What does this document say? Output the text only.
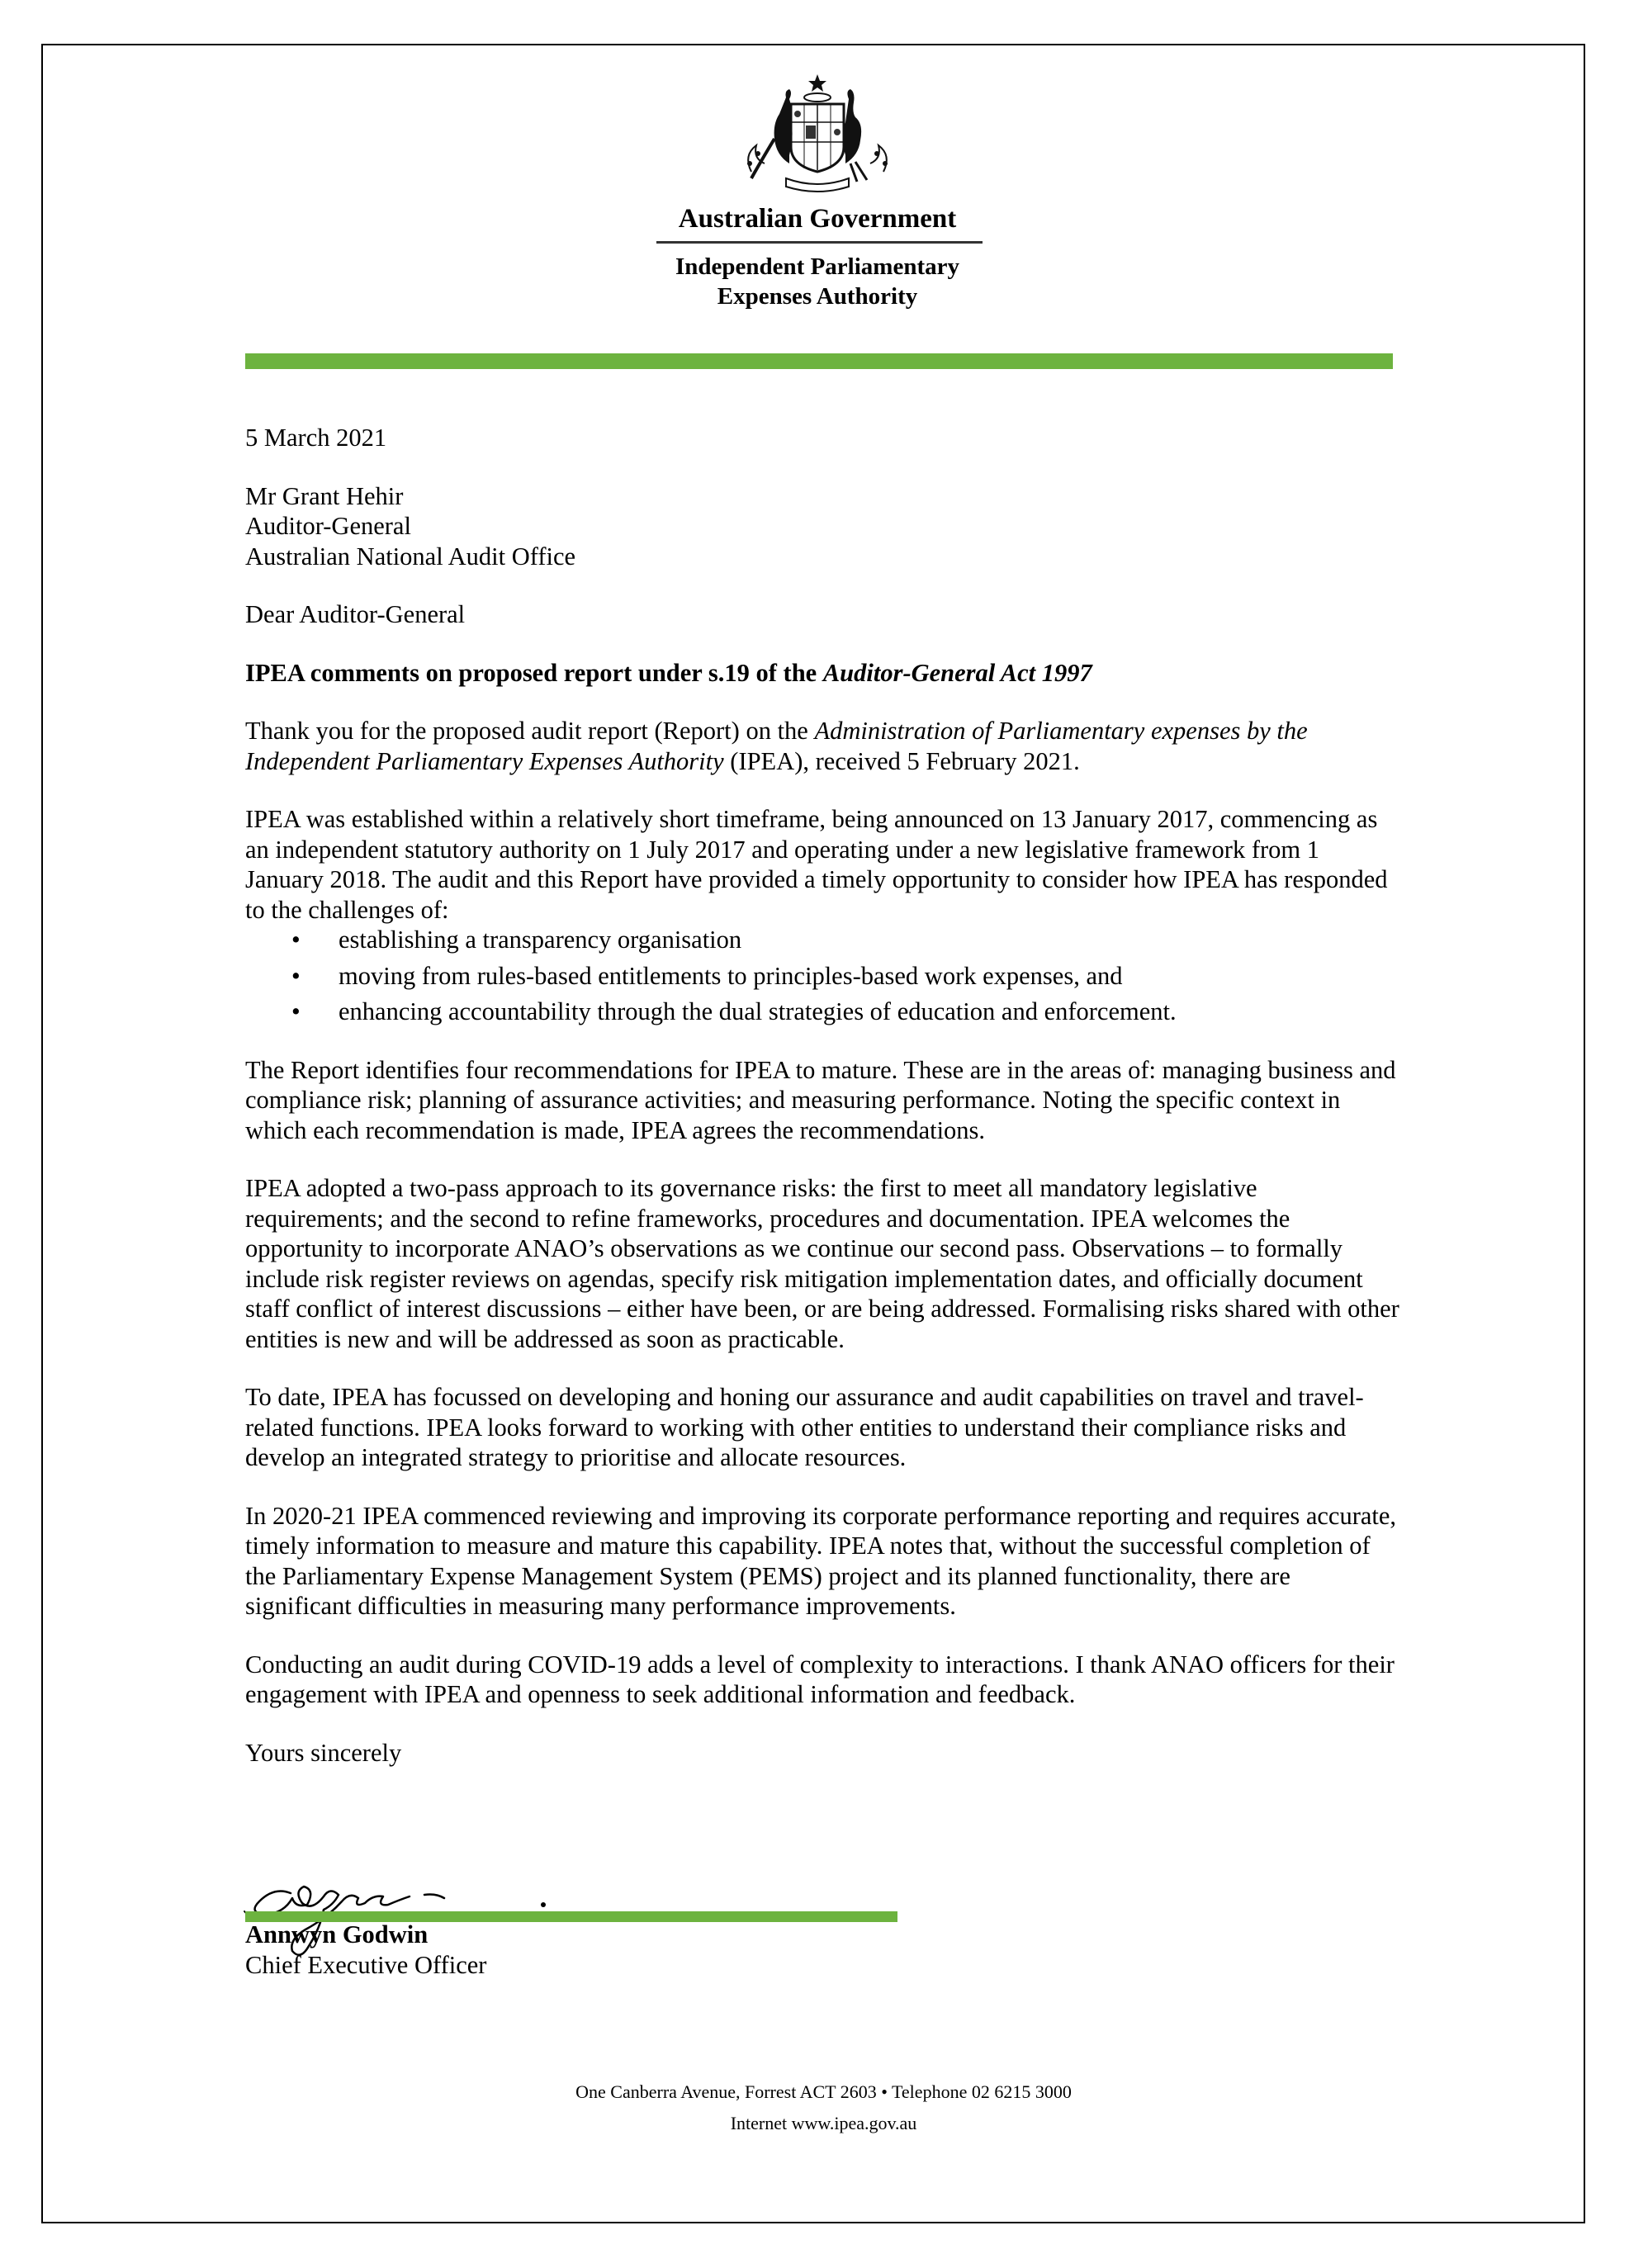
Australian Government
Independent Parliamentary
Expenses Authority

5 March 2021

Mr Grant Hehir
Auditor-General
Australian National Audit Office

Dear Auditor-General

IPEA comments on proposed report under s.19 of the Auditor-General Act 1997

Thank you for the proposed audit report (Report) on the Administration of Parliamentary expenses by the Independent Parliamentary Expenses Authority (IPEA), received 5 February 2021.

IPEA was established within a relatively short timeframe, being announced on 13 January 2017, commencing as an independent statutory authority on 1 July 2017 and operating under a new legislative framework from 1 January 2018. The audit and this Report have provided a timely opportunity to consider how IPEA has responded to the challenges of:

• establishing a transparency organisation
• moving from rules-based entitlements to principles-based work expenses, and
• enhancing accountability through the dual strategies of education and enforcement.

The Report identifies four recommendations for IPEA to mature. These are in the areas of: managing business and compliance risk; planning of assurance activities; and measuring performance. Noting the specific context in which each recommendation is made, IPEA agrees the recommendations.

IPEA adopted a two-pass approach to its governance risks: the first to meet all mandatory legislative requirements; and the second to refine frameworks, procedures and documentation. IPEA welcomes the opportunity to incorporate ANAO’s observations as we continue our second pass. Observations – to formally include risk register reviews on agendas, specify risk mitigation implementation dates, and officially document staff conflict of interest discussions – either have been, or are being addressed. Formalising risks shared with other entities is new and will be addressed as soon as practicable.

To date, IPEA has focussed on developing and honing our assurance and audit capabilities on travel and travel-related functions. IPEA looks forward to working with other entities to understand their compliance risks and develop an integrated strategy to prioritise and allocate resources.

In 2020-21 IPEA commenced reviewing and improving its corporate performance reporting and requires accurate, timely information to measure and mature this capability. IPEA notes that, without the successful completion of the Parliamentary Expense Management System (PEMS) project and its planned functionality, there are significant difficulties in measuring many performance improvements.

Conducting an audit during COVID-19 adds a level of complexity to interactions. I thank ANAO officers for their engagement with IPEA and openness to seek additional information and feedback.

Yours sincerely

Annwyn Godwin
Chief Executive Officer
One Canberra Avenue, Forrest ACT 2603 • Telephone 02 6215 3000
Internet www.ipea.gov.au
